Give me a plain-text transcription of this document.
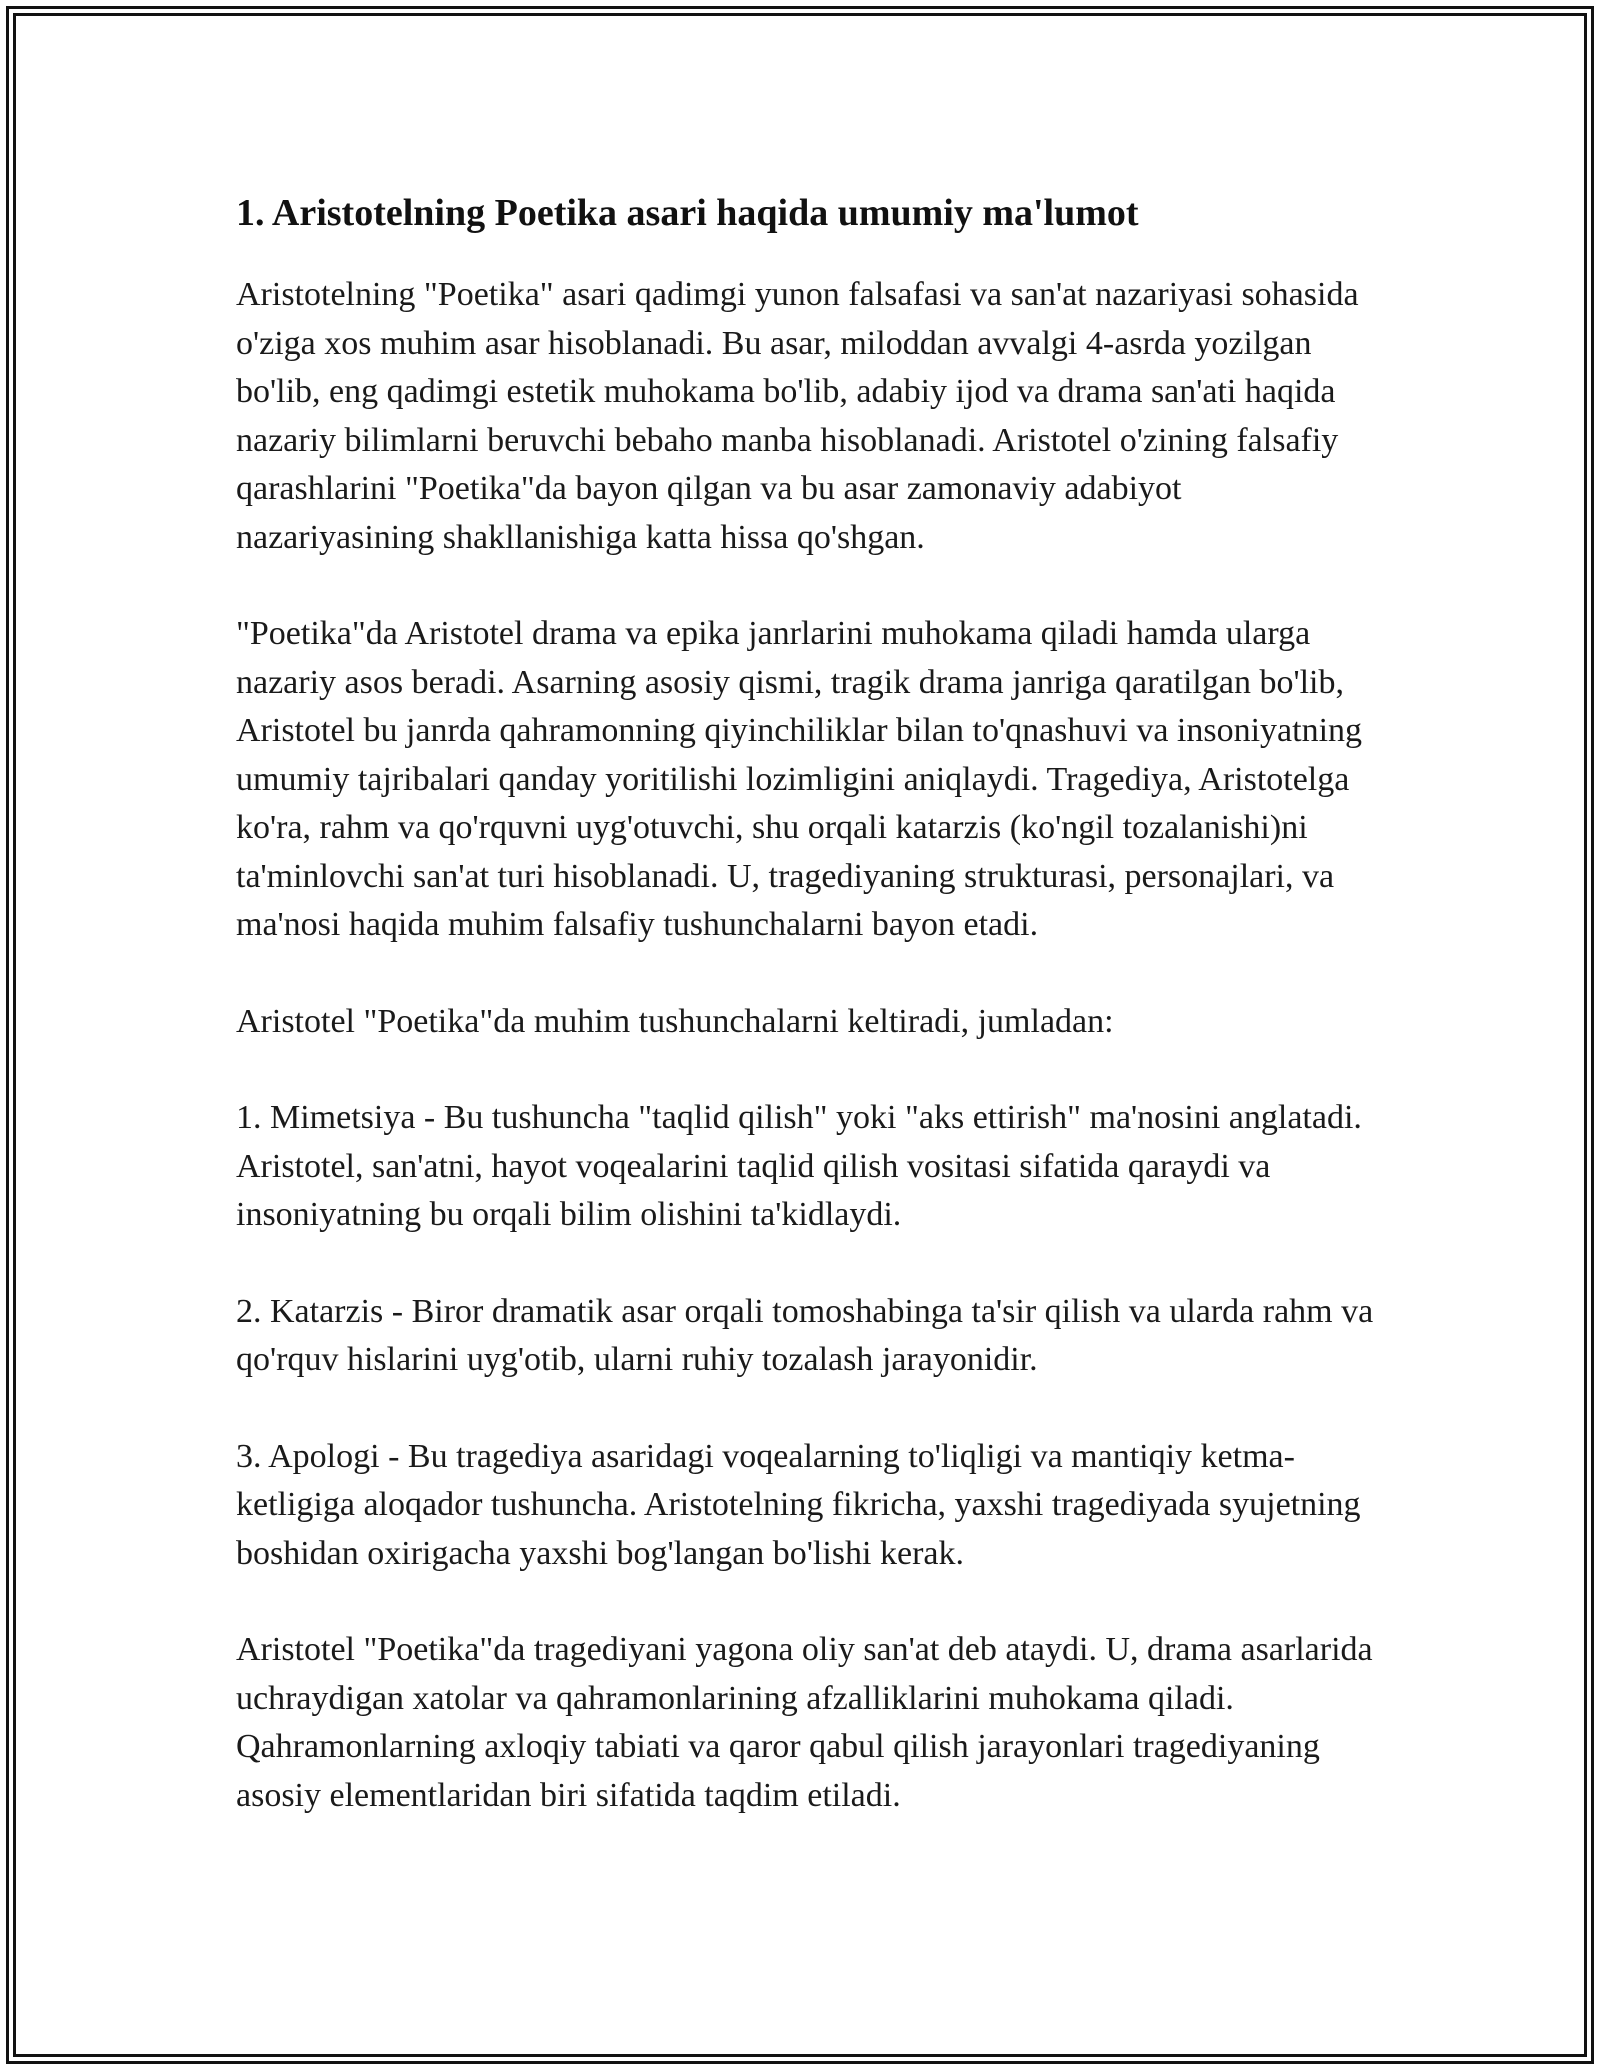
1. Aristotelning Poetika asari haqida umumiy ma'lumot

Aristotelning "Poetika" asari qadimgi yunon falsafasi va san'at nazariyasi sohasida o'ziga xos muhim asar hisoblanadi. Bu asar, miloddan avvalgi 4-asrda yozilgan bo'lib, eng qadimgi estetik muhokama bo'lib, adabiy ijod va drama san'ati haqida nazariy bilimlarni beruvchi bebaho manba hisoblanadi. Aristotel o'zining falsafiy qarashlarini "Poetika"da bayon qilgan va bu asar zamonaviy adabiyot nazariyasining shakllanishiga katta hissa qo'shgan.

"Poetika"da Aristotel drama va epika janrlarini muhokama qiladi hamda ularga nazariy asos beradi. Asarning asosiy qismi, tragik drama janriga qaratilgan bo'lib, Aristotel bu janrda qahramonning qiyinchiliklar bilan to'qnashuvi va insoniyatning umumiy tajribalari qanday yoritilishi lozimligini aniqlaydi. Tragediya, Aristotelga ko'ra, rahm va qo'rquvni uyg'otuvchi, shu orqali katarzis (ko'ngil tozalanishi)ni ta'minlovchi san'at turi hisoblanadi. U, tragediyaning strukturasi, personajlari, va ma'nosi haqida muhim falsafiy tushunchalarni bayon etadi.

Aristotel "Poetika"da muhim tushunchalarni keltiradi, jumladan:

1. Mimetsiya - Bu tushuncha "taqlid qilish" yoki "aks ettirish" ma'nosini anglatadi. Aristotel, san'atni, hayot voqealarini taqlid qilish vositasi sifatida qaraydi va insoniyatning bu orqali bilim olishini ta'kidlaydi.

2. Katarzis - Biror dramatik asar orqali tomoshabinga ta'sir qilish va ularda rahm va qo'rquv hislarini uyg'otib, ularni ruhiy tozalash jarayonidir.

3. Apologi - Bu tragediya asaridagi voqealarning to'liqligi va mantiqiy ketma-ketligiga aloqador tushuncha. Aristotelning fikricha, yaxshi tragediyada syujetning boshidan oxirigacha yaxshi bog'langan bo'lishi kerak.

Aristotel "Poetika"da tragediyani yagona oliy san'at deb ataydi. U, drama asarlarida uchraydigan xatolar va qahramonlarining afzalliklarini muhokama qiladi. Qahramonlarning axloqiy tabiati va qaror qabul qilish jarayonlari tragediyaning asosiy elementlaridan biri sifatida taqdim etiladi.
